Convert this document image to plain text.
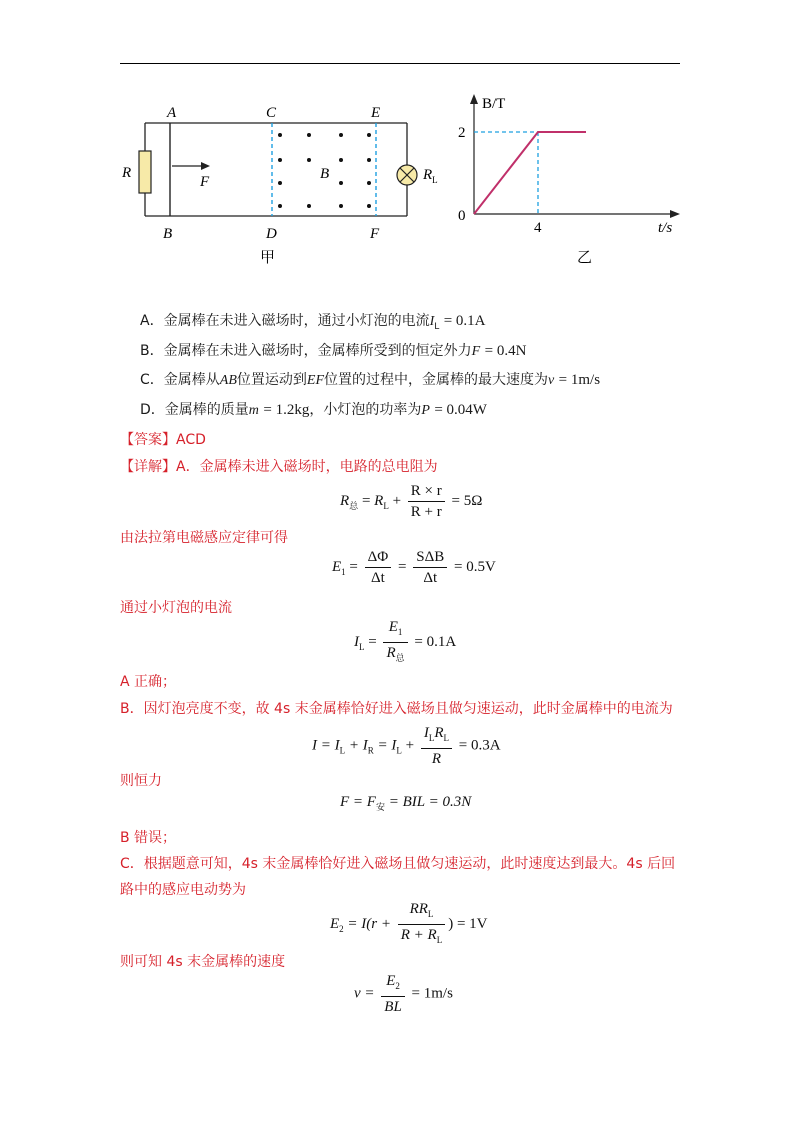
A	C	E
B	D	F
R
F	B	$R_L$
甲
B/T
t/s
0
2
4
乙
A．金属棒在未进入磁场时，通过小灯泡的电流$I_L = 0.1A$
B．金属棒在未进入磁场时，金属棒所受到的恒定外力F = 0.4N
C．金属棒从AB位置运动到EF位置的过程中，金属棒的最大速度为v = 1m/s
D．金属棒的质量m = 1.2kg，小灯泡的功率为P = 0.04W
【答案】ACD
【详解】A．金属棒未进入磁场时，电路的总电阻为
$R_总 = R_L + \frac{R \times r}{R + r} = 5\Omega$
由法拉第电磁感应定律可得
$E_1 = \frac{\Delta\Phi}{\Delta t} = \frac{\text{SΔB}}{\Delta t} = 0.5V$
通过小灯泡的电流
$I_L = \frac{E_1}{R_总} = 0.1A$
A 正确；
B．因灯泡亮度不变，故 4s 末金属棒恰好进入磁场且做匀速运动，此时金属棒中的电流为
$I = I_L + I_R = I_L + \frac{I_LR_L}{R} = 0.3A$
则恒力
$F = F_安$ = BIL = 0.3N
B 错误；
C．根据题意可知，4s 末金属棒恰好进入磁场且做匀速运动，此时速度达到最大。4s 后回
路中的感应电动势为
$E_2 = I(r + \frac{RR_L}{R + R_L}$ ) = 1V
则可知 4s 末金属棒的速度
$v = \frac{E_2}{BL} = 1m/s$
